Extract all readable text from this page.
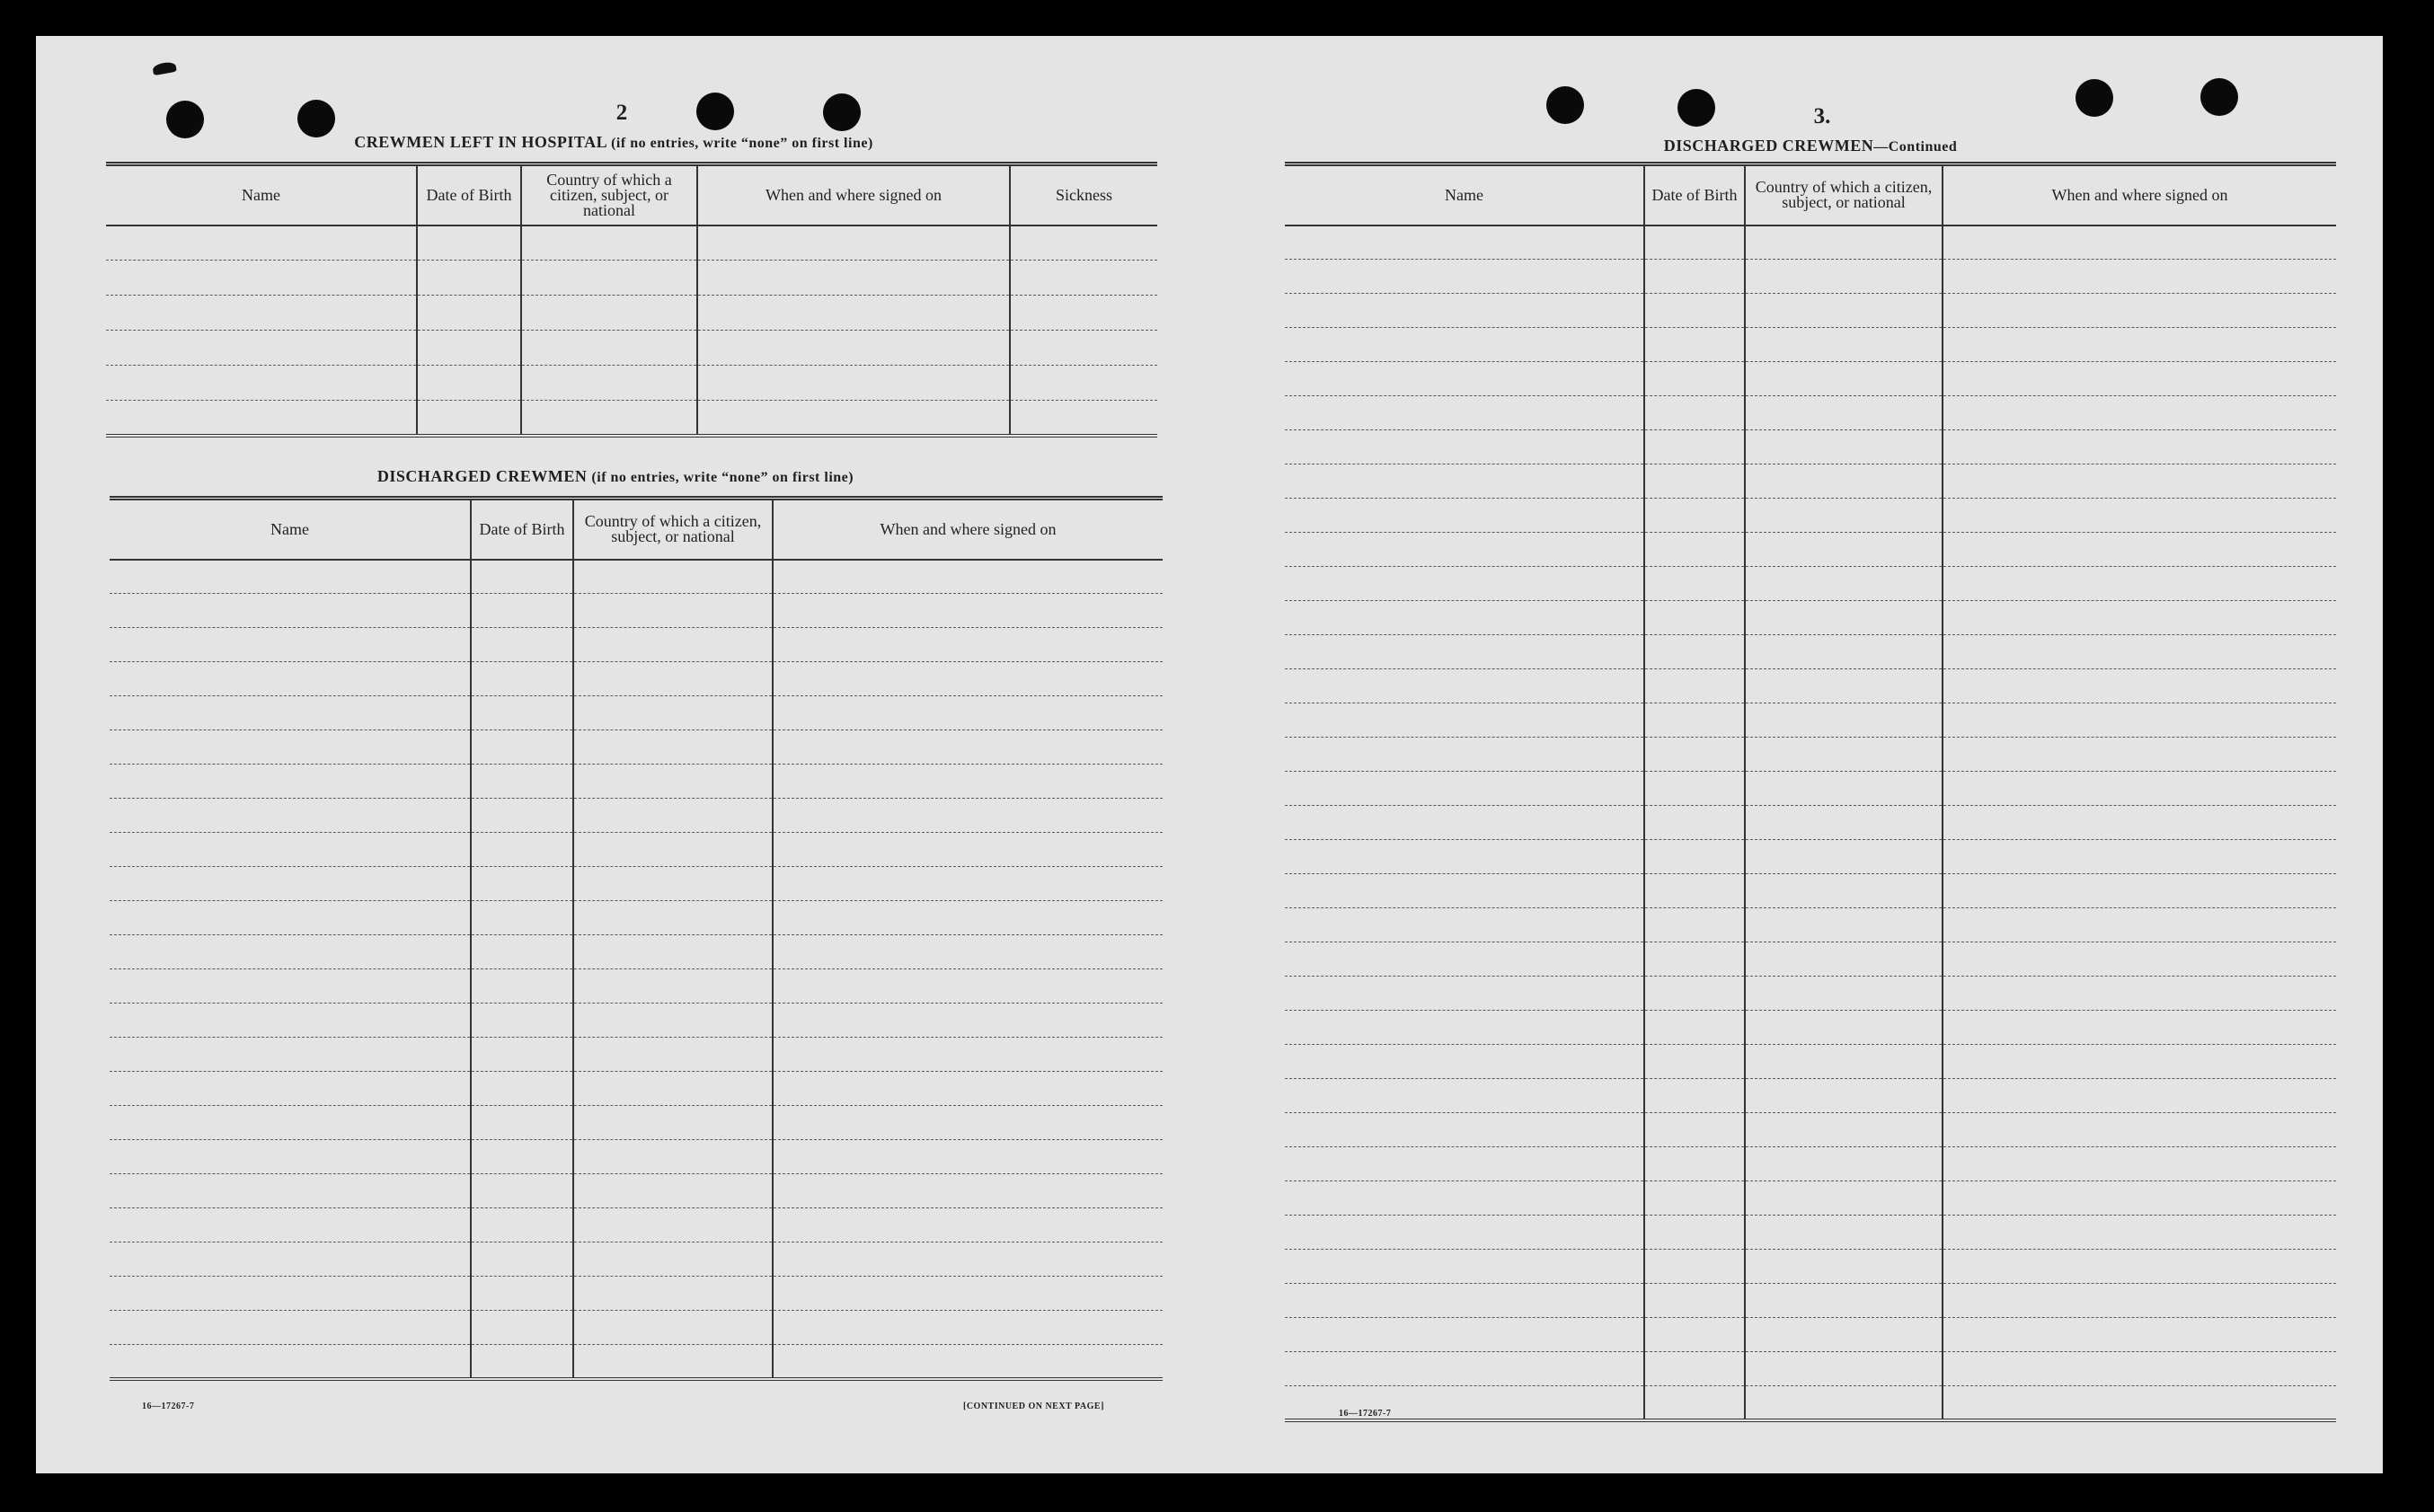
2
CREWMEN LEFT IN HOSPITAL (if no entries, write “none” on first line)
Name	Date of Birth	Country of which a citizen, subject, or national	When and where signed on	Sickness

DISCHARGED CREWMEN (if no entries, write “none” on first line)
Name	Date of Birth	Country of which a citizen, subject, or national	When and where signed on

16—17267‑7	[CONTINUED ON NEXT PAGE]
3.
DISCHARGED CREWMEN—Continued
Name	Date of Birth	Country of which a citizen, subject, or national	When and where signed on

16—17267‑7
